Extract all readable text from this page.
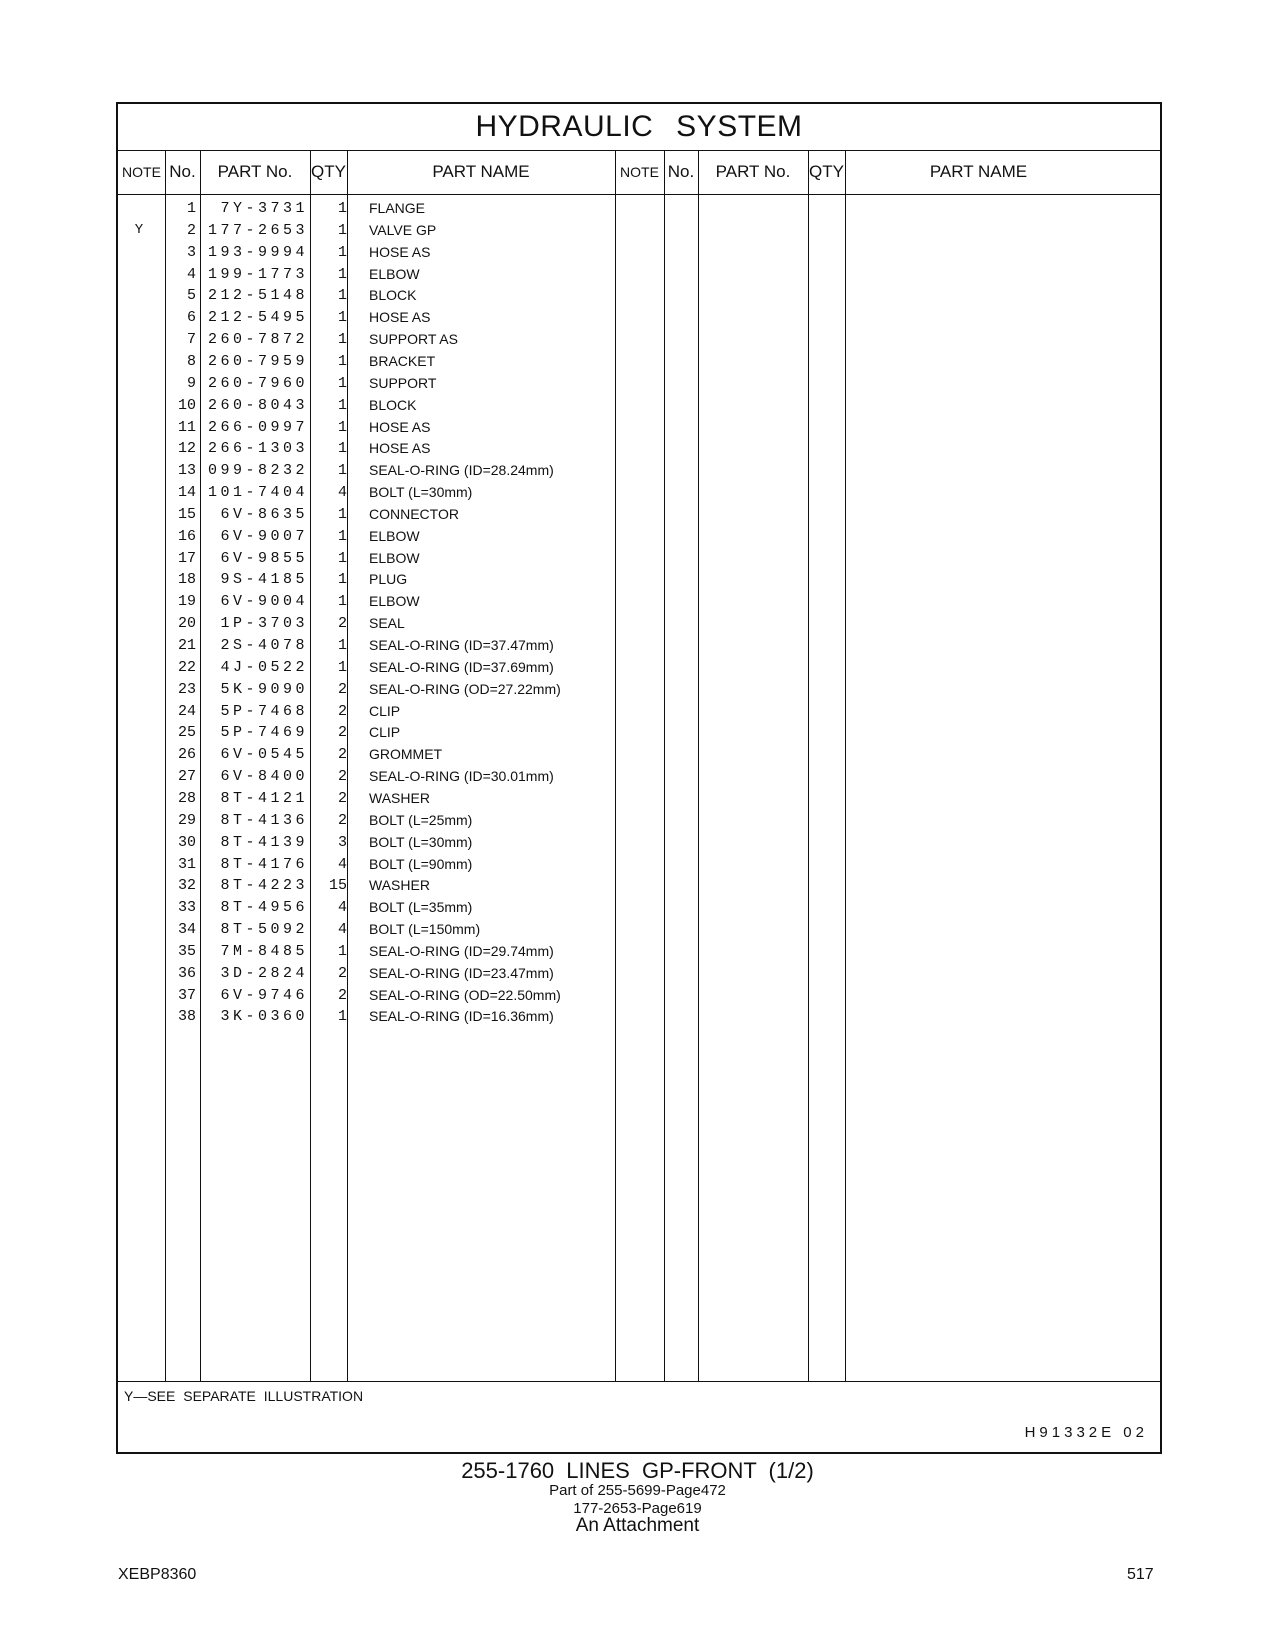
HYDRAULIC SYSTEM
NOTE No.	PART No.	QTY	PART NAME	NOTE No.	PART No.	QTY	PART NAME
1	7Y-3731	1 FLANGE
Y	2 177-2653	1 VALVE GP
3 193-9994	1 HOSE AS
4 199-1773	1 ELBOW
5 212-5148	1 BLOCK
6 212-5495	1 HOSE AS
7 260-7872	1 SUPPORT AS
8 260-7959	1 BRACKET
9 260-7960	1 SUPPORT
10 260-8043	1 BLOCK
11 266-0997	1 HOSE AS
12 266-1303	1 HOSE AS
13 099-8232	1 SEAL-O-RING (ID=28.24mm)
14 101-7404	4 BOLT (L=30mm)
15	6V-8635	1 CONNECTOR
16	6V-9007	1 ELBOW
17	6V-9855	1 ELBOW
18	9S-4185	1 PLUG
19	6V-9004	1 ELBOW
20	1P-3703	2 SEAL
21	2S-4078	1 SEAL-O-RING (ID=37.47mm)
22	4J-0522	1 SEAL-O-RING (ID=37.69mm)
23	5K-9090	2 SEAL-O-RING (OD=27.22mm)
24	5P-7468	2 CLIP
25	5P-7469	2 CLIP
26	6V-0545	2 GROMMET
27	6V-8400	2 SEAL-O-RING (ID=30.01mm)
28	8T-4121	2 WASHER
29	8T-4136	2 BOLT (L=25mm)
30	8T-4139	3 BOLT (L=30mm)
31	8T-4176	4 BOLT (L=90mm)
32	8T-4223	15 WASHER
33	8T-4956	4 BOLT (L=35mm)
34	8T-5092	4 BOLT (L=150mm)
35	7M-8485	1 SEAL-O-RING (ID=29.74mm)
36	3D-2824	2 SEAL-O-RING (ID=23.47mm)
37	6V-9746	2 SEAL-O-RING (OD=22.50mm)
38	3K-0360	1 SEAL-O-RING (ID=16.36mm)
Y—SEE SEPARATE ILLUSTRATION
H91332E 02
255-1760 LINES GP-FRONT (1/2)
Part of 255-5699-Page472
177-2653-Page619
An Attachment
XEBP8360	517
